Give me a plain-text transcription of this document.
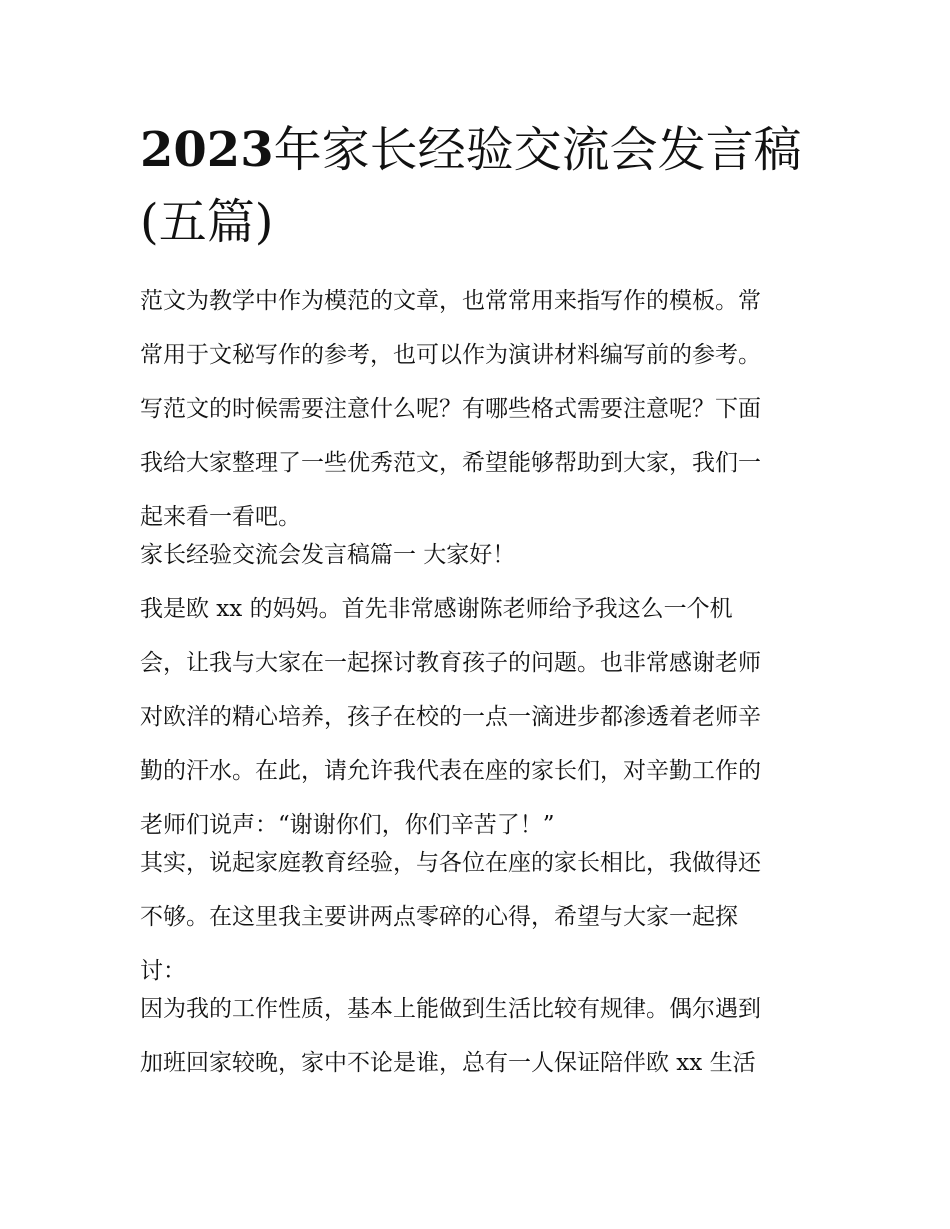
2023年家长经验交流会发言稿
(五篇)

范文为教学中作为模范的文章，也常常用来指写作的模板。常

常用于文秘写作的参考，也可以作为演讲材料编写前的参考。

写范文的时候需要注意什么呢？有哪些格式需要注意呢？下面

我给大家整理了一些优秀范文，希望能够帮助到大家，我们一

起来看一看吧。

家长经验交流会发言稿篇一 大家好！

我是欧 xx 的妈妈。首先非常感谢陈老师给予我这么一个机

会，让我与大家在一起探讨教育孩子的问题。也非常感谢老师

对欧洋的精心培养，孩子在校的一点一滴进步都渗透着老师辛

勤的汗水。在此，请允许我代表在座的家长们，对辛勤工作的

老师们说声：“谢谢你们，你们辛苦了！”

其实，说起家庭教育经验，与各位在座的家长相比，我做得还

不够。在这里我主要讲两点零碎的心得，希望与大家一起探

讨：

因为我的工作性质，基本上能做到生活比较有规律。偶尔遇到

加班回家较晚，家中不论是谁，总有一人保证陪伴欧 xx 生活
